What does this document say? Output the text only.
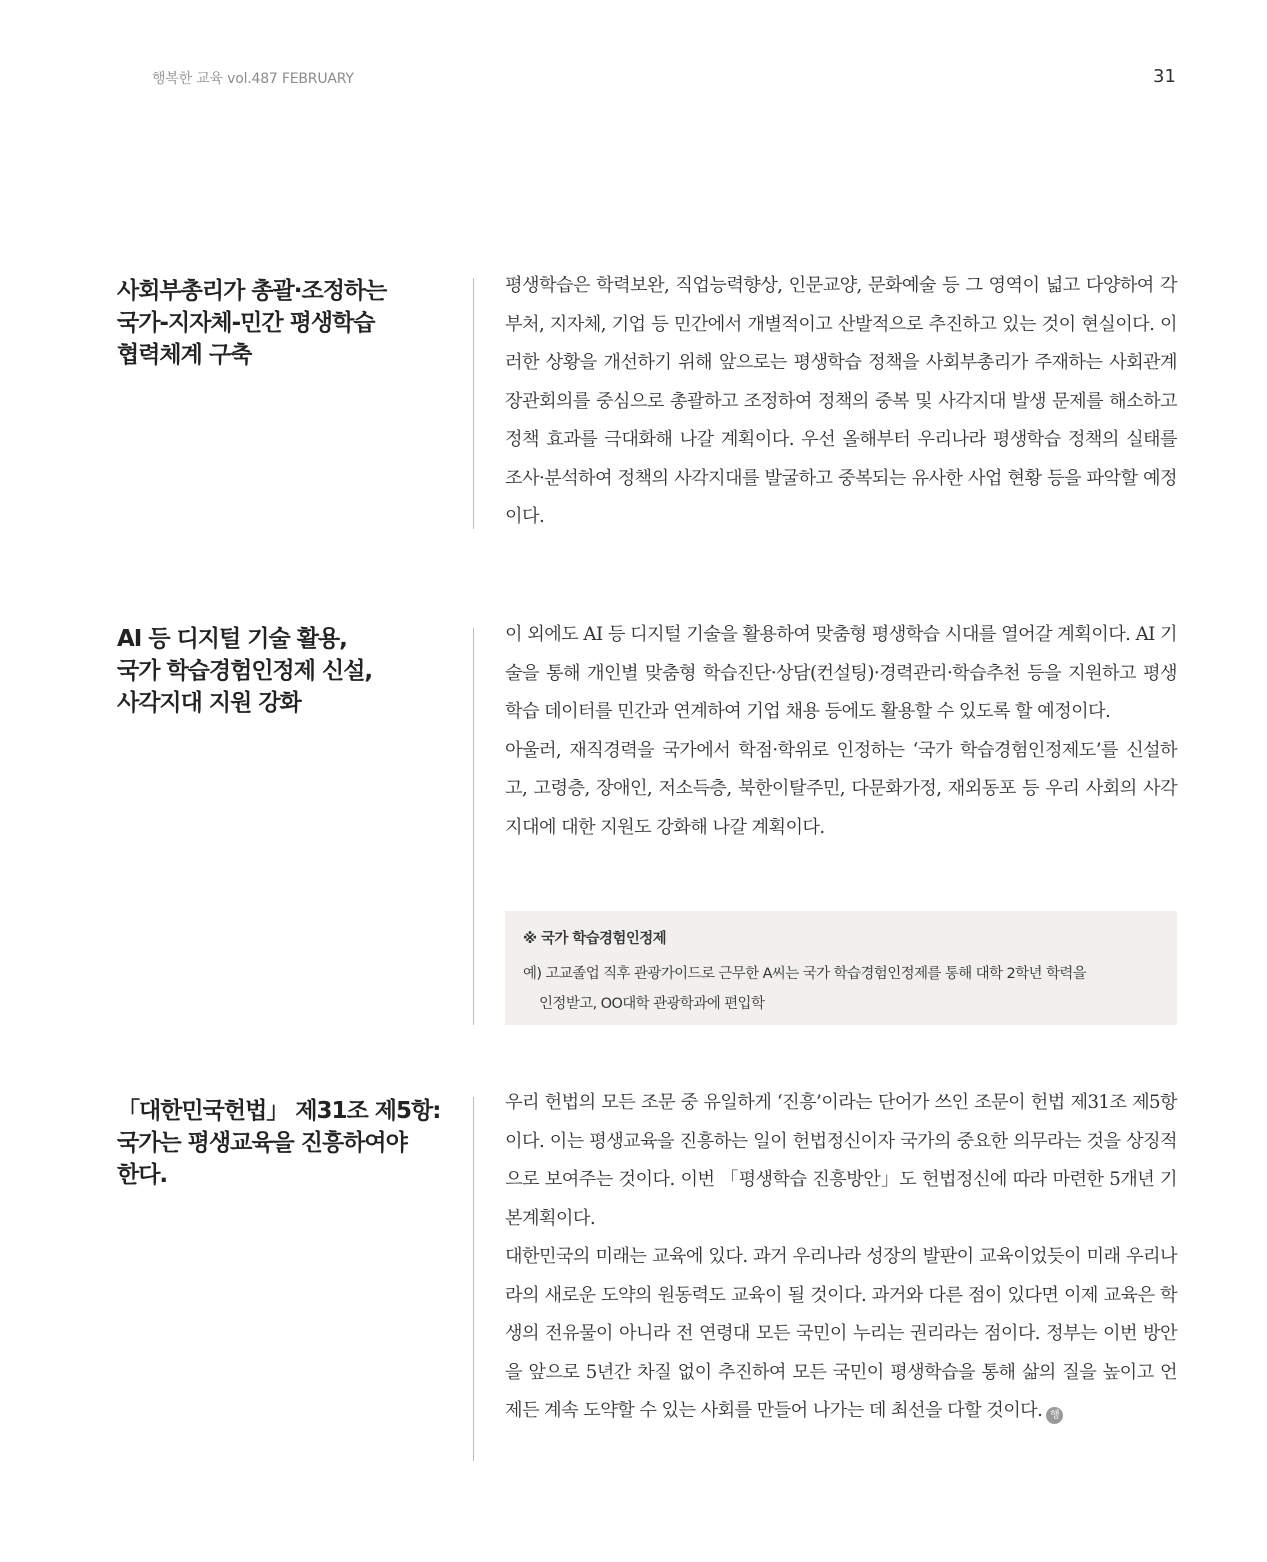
행복한 교육 vol.487 FEBRUARY	31
사회부총리가 총괄·조정하는
국가-지자체-민간 평생학습
협력체계 구축

평생학습은 학력보완, 직업능력향상, 인문교양, 문화예술 등 그 영역이 넓고 다양하여 각 부처, 지자체, 기업 등 민간에서 개별적이고 산발적으로 추진하고 있는 것이 현실이다. 이러한 상황을 개선하기 위해 앞으로는 평생학습 정책을 사회부총리가 주재하는 사회관계장관회의를 중심으로 총괄하고 조정하여 정책의 중복 및 사각지대 발생 문제를 해소하고 정책 효과를 극대화해 나갈 계획이다. 우선 올해부터 우리나라 평생학습 정책의 실태를 조사·분석하여 정책의 사각지대를 발굴하고 중복되는 유사한 사업 현황 등을 파악할 예정이다.

AI 등 디지털 기술 활용,
국가 학습경험인정제 신설,
사각지대 지원 강화

이 외에도 AI 등 디지털 기술을 활용하여 맞춤형 평생학습 시대를 열어갈 계획이다. AI 기술을 통해 개인별 맞춤형 학습진단·상담(컨설팅)·경력관리·학습추천 등을 지원하고 평생학습 데이터를 민간과 연계하여 기업 채용 등에도 활용할 수 있도록 할 예정이다.

아울러, 재직경력을 국가에서 학점·학위로 인정하는 ‘국가 학습경험인정제도’를 신설하고, 고령층, 장애인, 저소득층, 북한이탈주민, 다문화가정, 재외동포 등 우리 사회의 사각지대에 대한 지원도 강화해 나갈 계획이다.

※ 국가 학습경험인정제
예) 고교졸업 직후 관광가이드로 근무한 A씨는 국가 학습경험인정제를 통해 대학 2학년 학력을
인정받고, OO대학 관광학과에 편입학
「대한민국헌법」 제31조 제5항:
국가는 평생교육을 진흥하여야
한다.

우리 헌법의 모든 조문 중 유일하게 ‘진흥’이라는 단어가 쓰인 조문이 헌법 제31조 제5항이다. 이는 평생교육을 진흥하는 일이 헌법정신이자 국가의 중요한 의무라는 것을 상징적으로 보여주는 것이다. 이번 「평생학습 진흥방안」도 헌법정신에 따라 마련한 5개년 기본계획이다.

대한민국의 미래는 교육에 있다. 과거 우리나라 성장의 발판이 교육이었듯이 미래 우리나라의 새로운 도약의 원동력도 교육이 될 것이다. 과거와 다른 점이 있다면 이제 교육은 학생의 전유물이 아니라 전 연령대 모든 국민이 누리는 권리라는 점이다. 정부는 이번 방안을 앞으로 5년간 차질 없이 추진하여 모든 국민이 평생학습을 통해 삶의 질을 높이고 언제든 계속 도약할 수 있는 사회를 만들어 나가는 데 최선을 다할 것이다. 행
